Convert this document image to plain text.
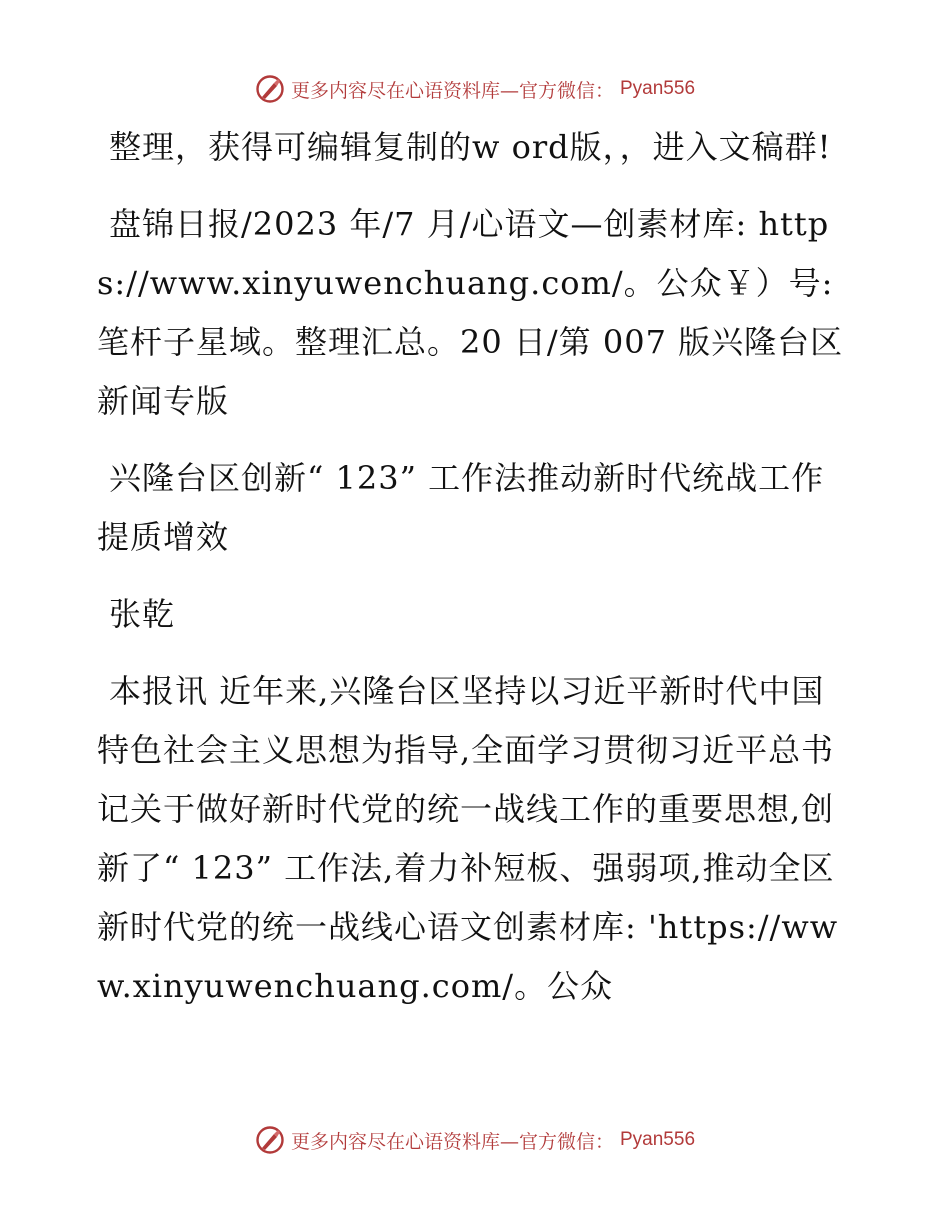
更多内容尽在心语资料库—官方微信： Pyan556

整理，获得可编辑复制的w ord版，，进入文稿群!

盘锦日报/2023 年/7 月/心语文—创素材库: https://www.xinyuwenchuang.com/。公众￥）号: 笔杆子星域。整理汇总。20 日/第 007 版兴隆台区新闻专版

兴隆台区创新“ 123” 工作法推动新时代统战工作提质增效

张乾

本报讯 近年来,兴隆台区坚持以习近平新时代中国特色社会主义思想为指导,全面学习贯彻习近平总书记关于做好新时代党的统一战线工作的重要思想,创新了“ 123” 工作法,着力补短板、强弱项,推动全区新时代党的统一战线心语文创素材库: 'https://www.xinyuwenchuang.com/。公众

更多内容尽在心语资料库—官方微信： Pyan556
